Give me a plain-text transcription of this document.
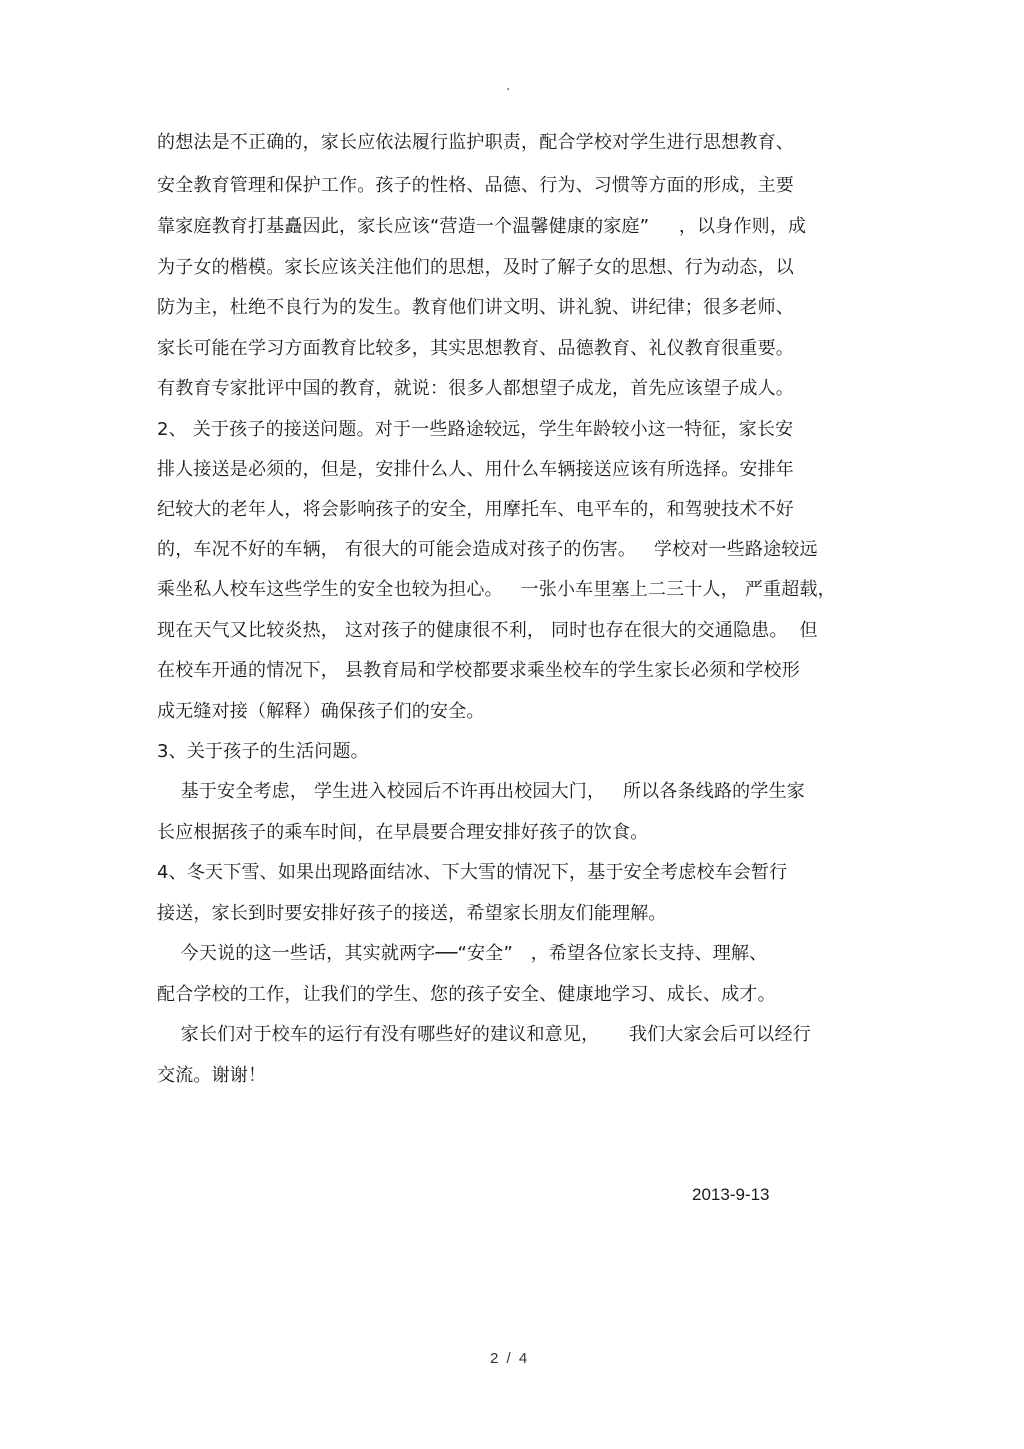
.
的想法是不正确的，家长应依法履行监护职责，配合学校对学生进行思想教育、
安全教育管理和保护工作。孩子的性格、品德、行为、习惯等方面的形成，主要
靠家庭教育打基矗因此，家长应该“营造一个温馨健康的家庭”     ，以身作则，成
为子女的楷模。家长应该关注他们的思想，及时了解子女的思想、行为动态，以
防为主，杜绝不良行为的发生。教育他们讲文明、讲礼貌、讲纪律；很多老师、
家长可能在学习方面教育比较多，其实思想教育、品德教育、礼仪教育很重要。
有教育专家批评中国的教育，就说：很多人都想望子成龙，首先应该望子成人。
2、 关于孩子的接送问题。对于一些路途较远，学生年龄较小这一特征，家长安
排人接送是必须的，但是，安排什么人、用什么车辆接送应该有所选择。安排年
纪较大的老年人，将会影响孩子的安全，用摩托车、电平车的，和驾驶技术不好
的，车况不好的车辆， 有很大的可能会造成对孩子的伤害。   学校对一些路途较远
乘坐私人校车这些学生的安全也较为担心。   一张小车里塞上二三十人， 严重超载，
现在天气又比较炎热， 这对孩子的健康很不利， 同时也存在很大的交通隐患。  但
在校车开通的情况下， 县教育局和学校都要求乘坐校车的学生家长必须和学校形
成无缝对接（解释）确保孩子们的安全。
3、关于孩子的生活问题。
基于安全考虑， 学生进入校园后不许再出校园大门，   所以各条线路的学生家
长应根据孩子的乘车时间，在早晨要合理安排好孩子的饮食。
4、冬天下雪、如果出现路面结冰、下大雪的情况下，基于安全考虑校车会暂行
接送，家长到时要安排好孩子的接送，希望家长朋友们能理解。
今天说的这一些话，其实就两字──“安全”   ，希望各位家长支持、理解、
配合学校的工作，让我们的学生、您的孩子安全、健康地学习、成长、成才。
家长们对于校车的运行有没有哪些好的建议和意见，     我们大家会后可以经行
交流。谢谢！
2013-9-13
2 / 4
